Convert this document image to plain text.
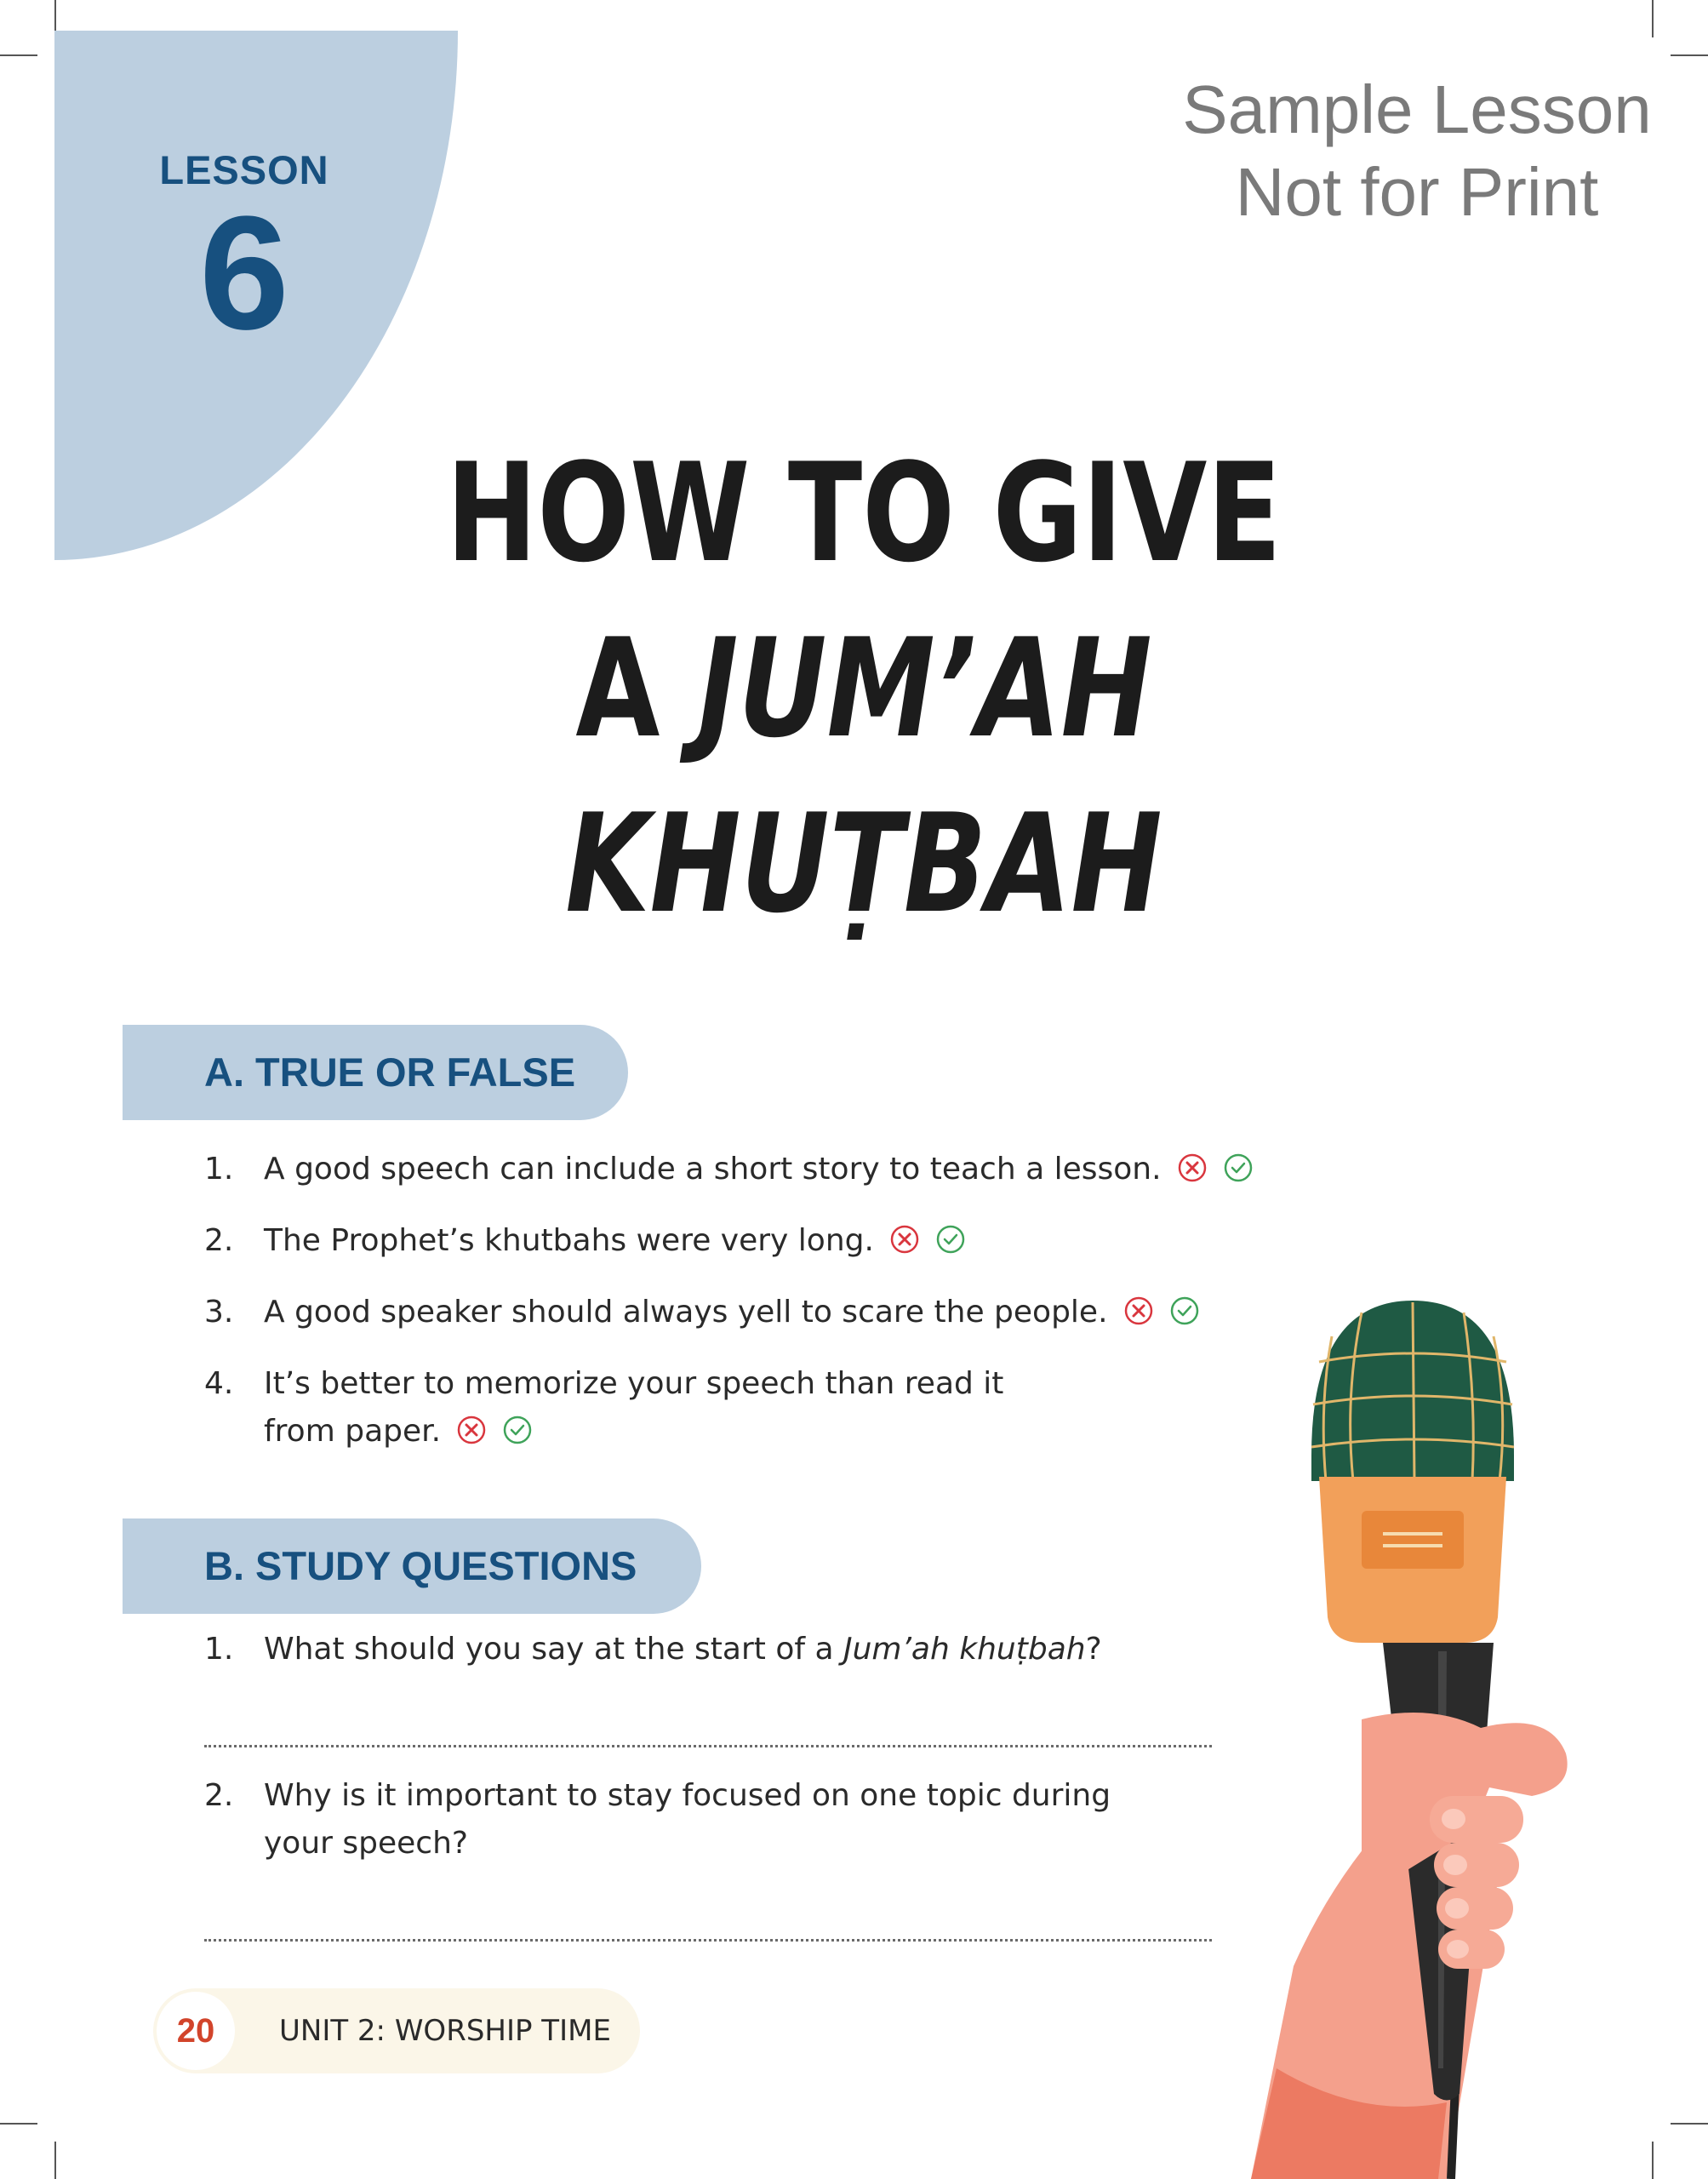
LESSON
6
Sample Lesson
Not for Print
HOW TO GIVE
A JUM’AH
KHUṬBAH
A. TRUE OR FALSE
1. A good speech can include a short story to teach a lesson.
2. The Prophet’s khutbahs were very long.
3. A good speaker should always yell to scare the people.
4. It’s better to memorize your speech than read it
from paper.
B. STUDY QUESTIONS
1. What should you say at the start of a Jum’ah khuṭbah?
2. Why is it important to stay focused on one topic during
your speech?
20	UNIT 2: WORSHIP TIME
